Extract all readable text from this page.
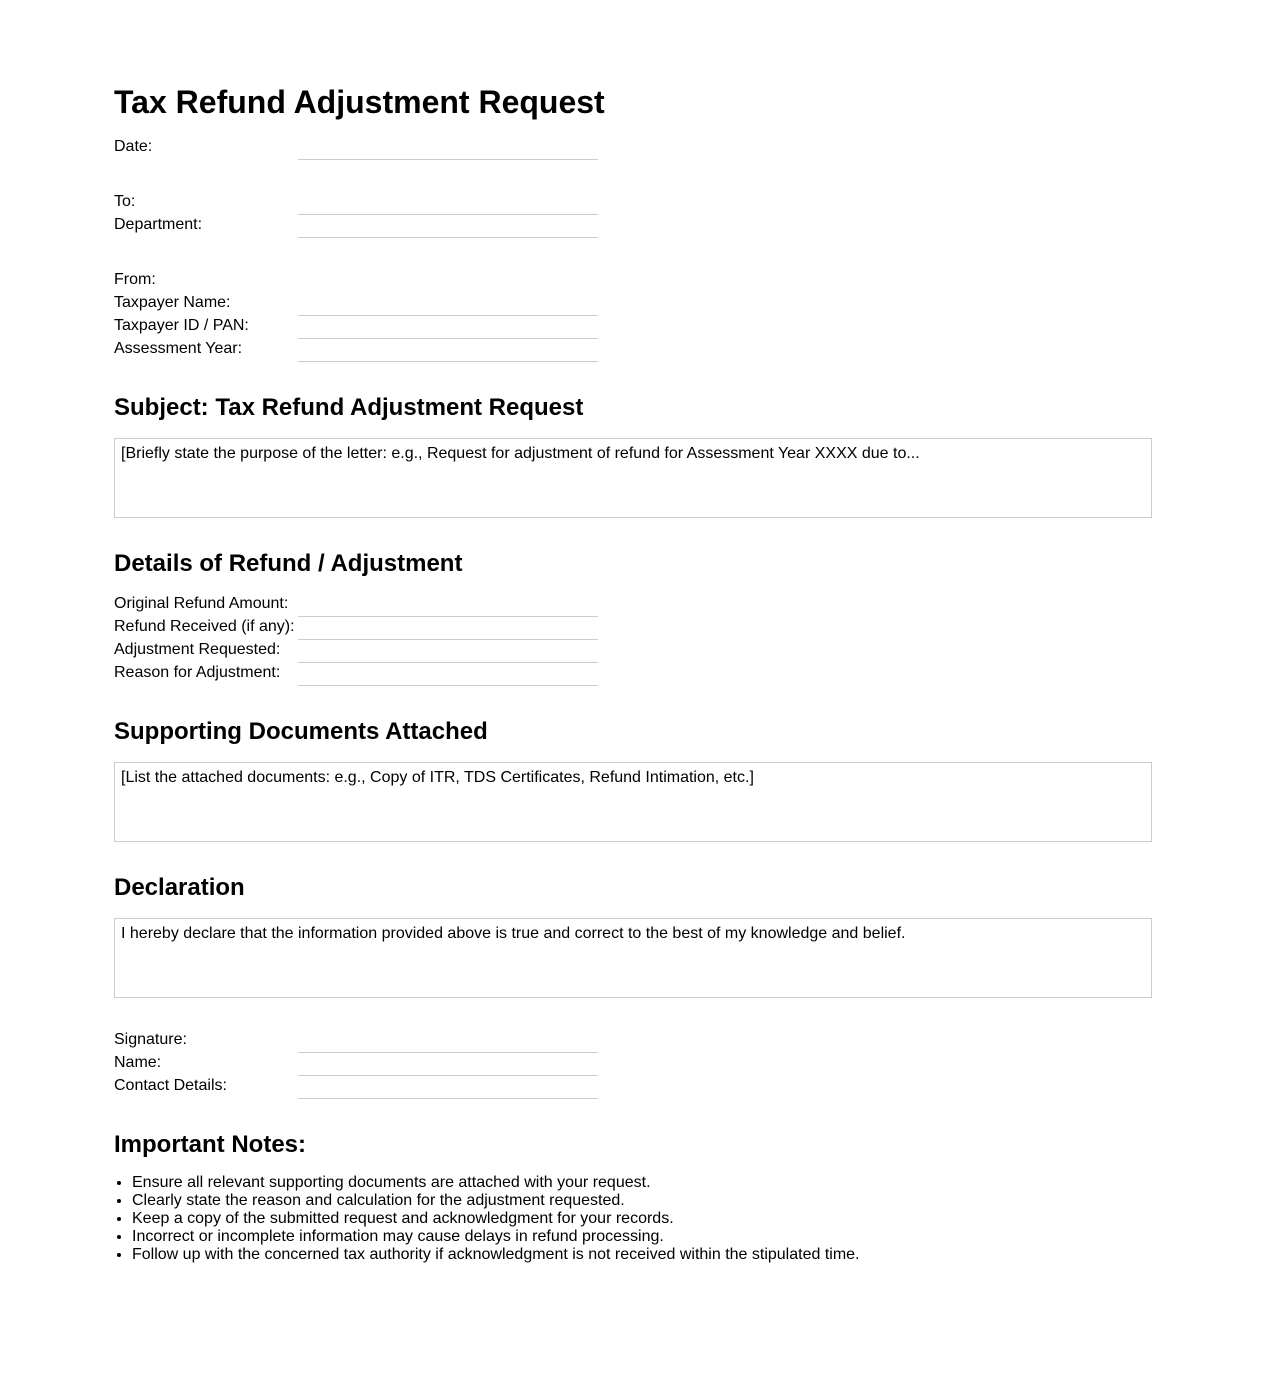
Tax Refund Adjustment Request
Date:
To:
Department:
From:
Taxpayer Name:
Taxpayer ID / PAN:
Assessment Year:
Subject: Tax Refund Adjustment Request
[Briefly state the purpose of the letter: e.g., Request for adjustment of refund for Assessment Year XXXX due to...
Details of Refund / Adjustment
Original Refund Amount:
Refund Received (if any):
Adjustment Requested:
Reason for Adjustment:
Supporting Documents Attached
[List the attached documents: e.g., Copy of ITR, TDS Certificates, Refund Intimation, etc.]
Declaration
I hereby declare that the information provided above is true and correct to the best of my knowledge and belief.
Signature:
Name:
Contact Details:
Important Notes:
• Ensure all relevant supporting documents are attached with your request.
• Clearly state the reason and calculation for the adjustment requested.
• Keep a copy of the submitted request and acknowledgment for your records.
• Incorrect or incomplete information may cause delays in refund processing.
• Follow up with the concerned tax authority if acknowledgment is not received within the stipulated time.
